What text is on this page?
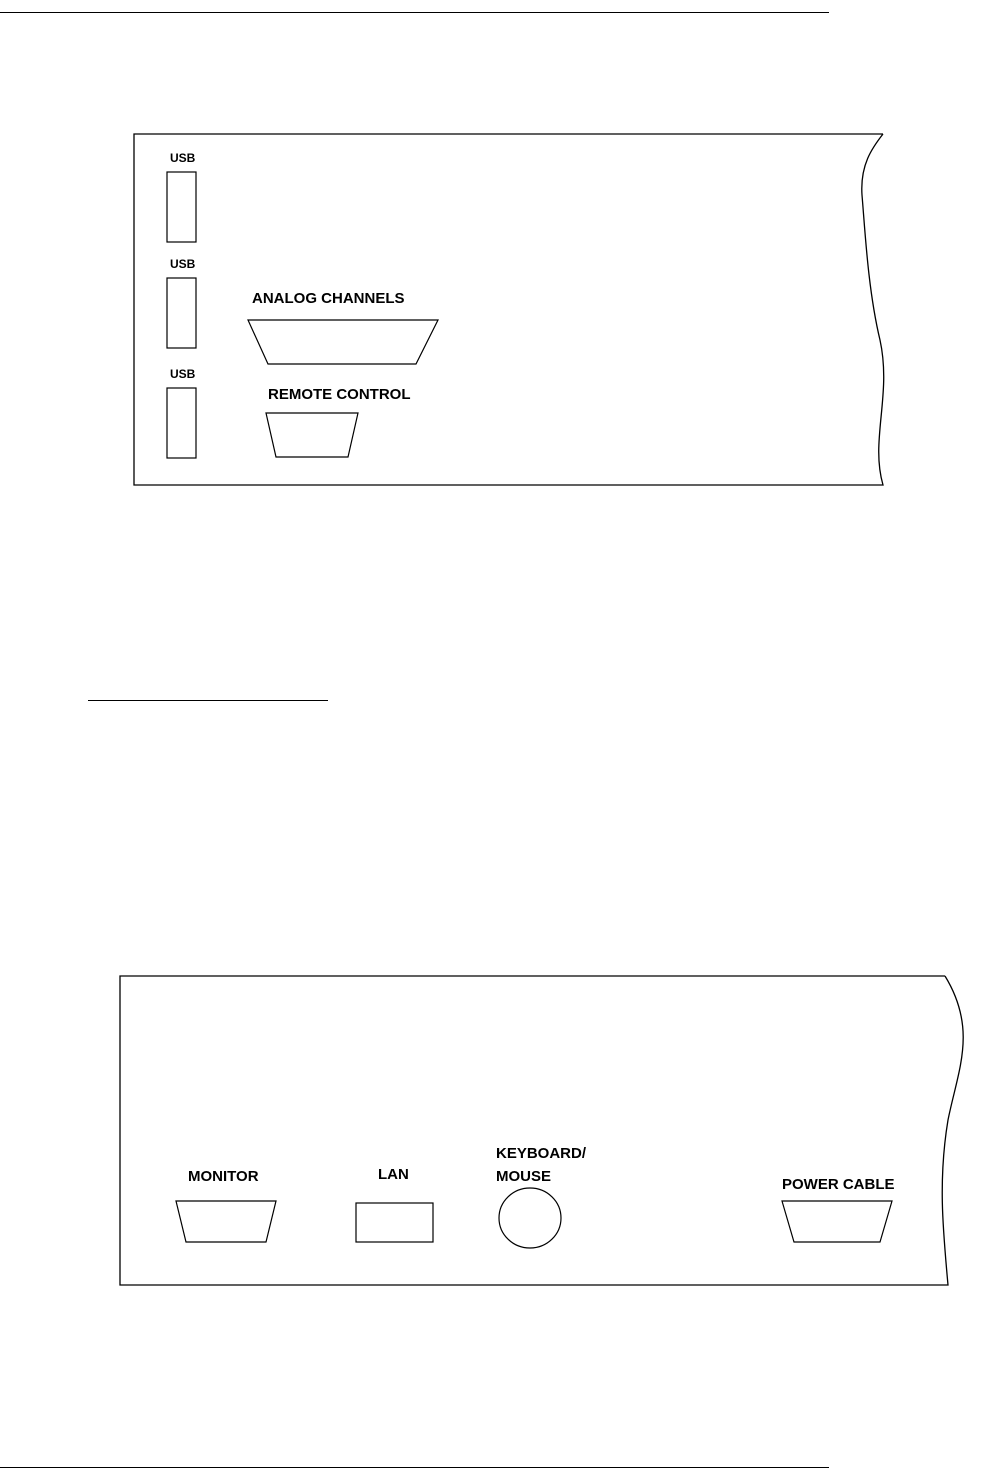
USB
USB
USB
ANALOG CHANNELS
REMOTE CONTROL
MONITOR	LAN
KEYBOARD/
MOUSE	POWER CABLE
